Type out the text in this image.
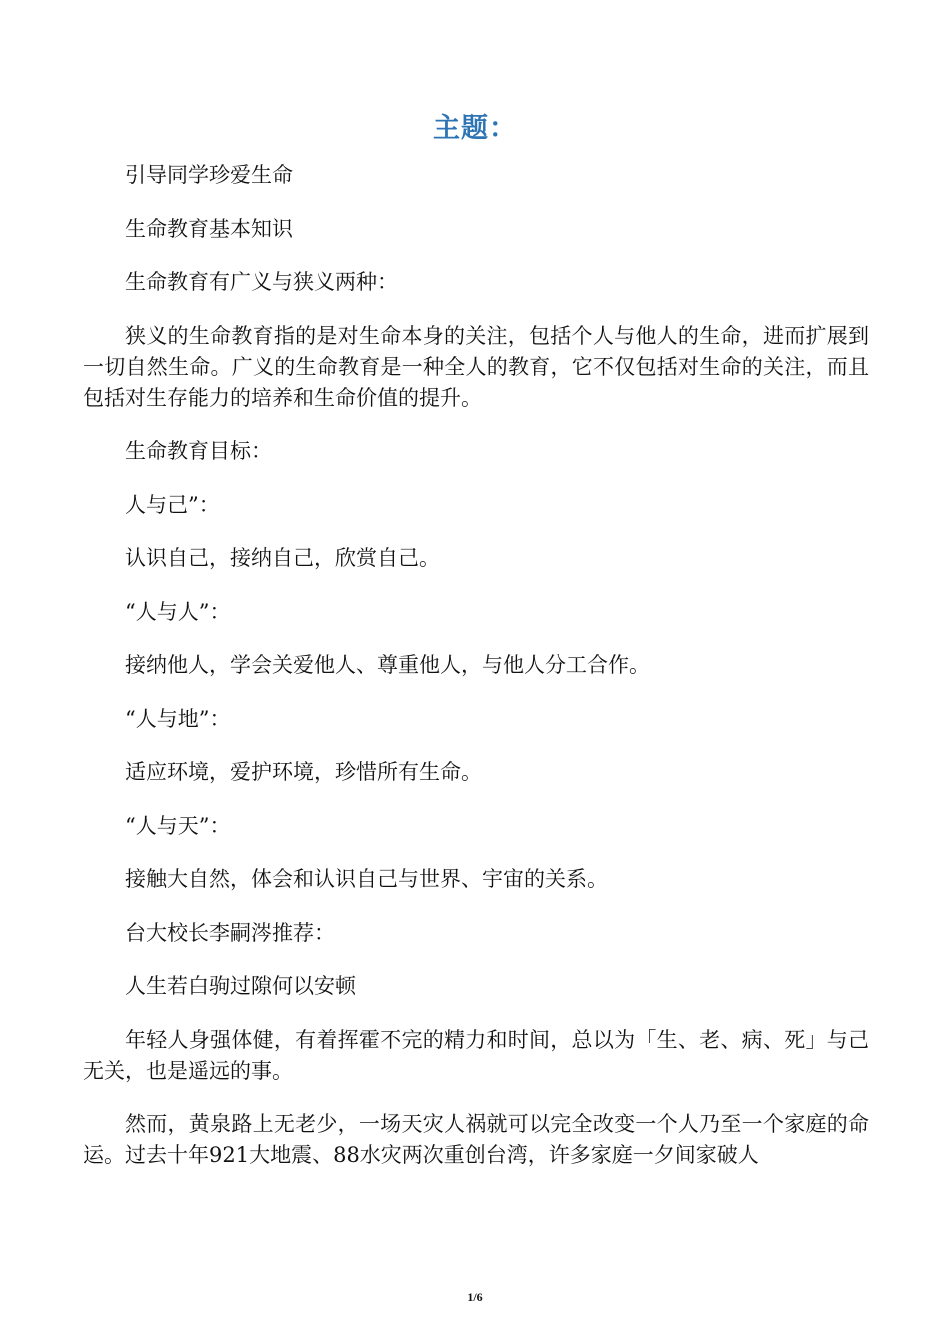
主题：

引导同学珍爱生命

生命教育基本知识

生命教育有广义与狭义两种：

狭义的生命教育指的是对生命本身的关注，包括个人与他人的生命，进而扩展到一切自然生命。广义的生命教育是一种全人的教育，它不仅包括对生命的关注，而且包括对生存能力的培养和生命价值的提升。

生命教育目标：

人与己”：

认识自己，接纳自己，欣赏自己。

“人与人”：

接纳他人，学会关爱他人、尊重他人，与他人分工合作。

“人与地”：

适应环境，爱护环境，珍惜所有生命。

“人与天”：

接触大自然，体会和认识自己与世界、宇宙的关系。

台大校长李嗣涔推荐：

人生若白驹过隙何以安顿

年轻人身强体健，有着挥霍不完的精力和时间，总以为「生、老、病、死」与己无关，也是遥远的事。

然而，黄泉路上无老少，一场天灾人祸就可以完全改变一个人乃至一个家庭的命运。过去十年921大地震、88水灾两次重创台湾，许多家庭一夕间家破人

1/6
